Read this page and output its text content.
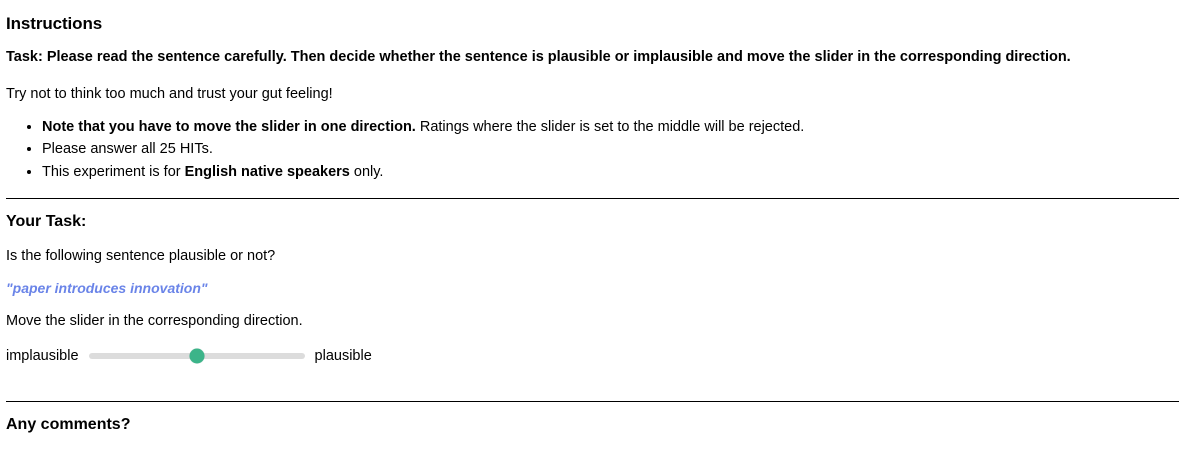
Instructions

Task: Please read the sentence carefully. Then decide whether the sentence is plausible or implausible and move the slider in the corresponding direction.

Try not to think too much and trust your gut feeling!

• Note that you have to move the slider in one direction. Ratings where the slider is set to the middle will be rejected.
• Please answer all 25 HITs.
• This experiment is for English native speakers only.
Your Task:

Is the following sentence plausible or not?

"paper introduces innovation"

Move the slider in the corresponding direction.

implausible	plausible
Any comments?
